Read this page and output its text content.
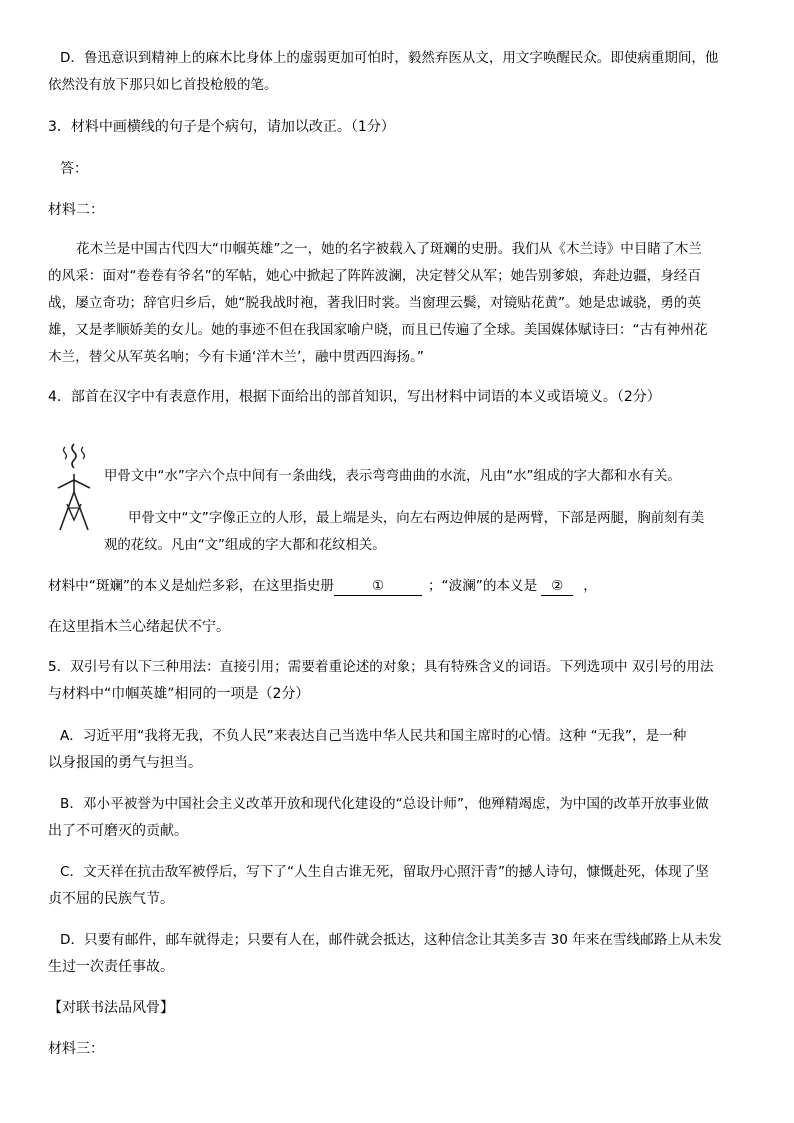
D．鲁迅意识到精神上的麻木比身体上的虚弱更加可怕时，毅然弃医从文，用文字唤醒民众。即使病重期间，他
依然没有放下那只如匕首投枪般的笔。
3．材料中画横线的句子是个病句，请加以改正。（1分）
答：
材料二：
花木兰是中国古代四大“巾帼英雄”之一，她的名字被载入了斑斓的史册。我们从《木兰诗》中目睹了木兰
的风采：面对“卷卷有爷名”的军帖，她心中掀起了阵阵波澜，决定替父从军；她告别爹娘，奔赴边疆，身经百
战，屡立奇功；辞官归乡后，她“脱我战时袍，著我旧时裳。当窗理云鬓，对镜贴花黄”。她是忠诚骁，勇的英
雄，又是孝顺娇美的女儿。她的事迹不但在我国家喻户晓，而且已传遍了全球。美国媒体赋诗曰：“古有神州花
木兰，替父从军英名响；今有卡通‘洋木兰’，融中贯西四海扬。”
4．部首在汉字中有表意作用，根据下面给出的部首知识，写出材料中词语的本义或语境义。（2分）
甲骨文中“水”字六个点中间有一条曲线，表示弯弯曲曲的水流，凡由“水”组成的字大都和水有关。
甲骨文中“文”字像正立的人形，最上端是头，向左右两边伸展的是两臂，下部是两腿，胸前刻有美
观的花纹。凡由“文”组成的字大都和花纹相关。
材料中“斑斓”的本义是灿烂多彩，在这里指史册	①	；“波澜”的本义是 ② ，
在这里指木兰心绪起伏不宁。
5．双引号有以下三种用法：直接引用；需要着重论述的对象；具有特殊含义的词语。下列选项中 双引号的用法
与材料中“巾帼英雄”相同的一项是（2分）
A．习近平用“我将无我，不负人民”来表达自己当选中华人民共和国主席时的心情。这种 “无我”，是一种
以身报国的勇气与担当。
B．邓小平被誉为中国社会主义改革开放和现代化建设的“总设计师”，他殚精竭虑，为中国的改革开放事业做
出了不可磨灭的贡献。
C．文天祥在抗击敌军被俘后，写下了“人生自古谁无死，留取丹心照汗青”的撼人诗句，慷慨赴死，体现了坚
贞不屈的民族气节。
D．只要有邮件，邮车就得走；只要有人在，邮件就会抵达，这种信念让其美多吉 30 年来在雪线邮路上从未发
生过一次责任事故。
【对联书法品风骨】
材料三：
